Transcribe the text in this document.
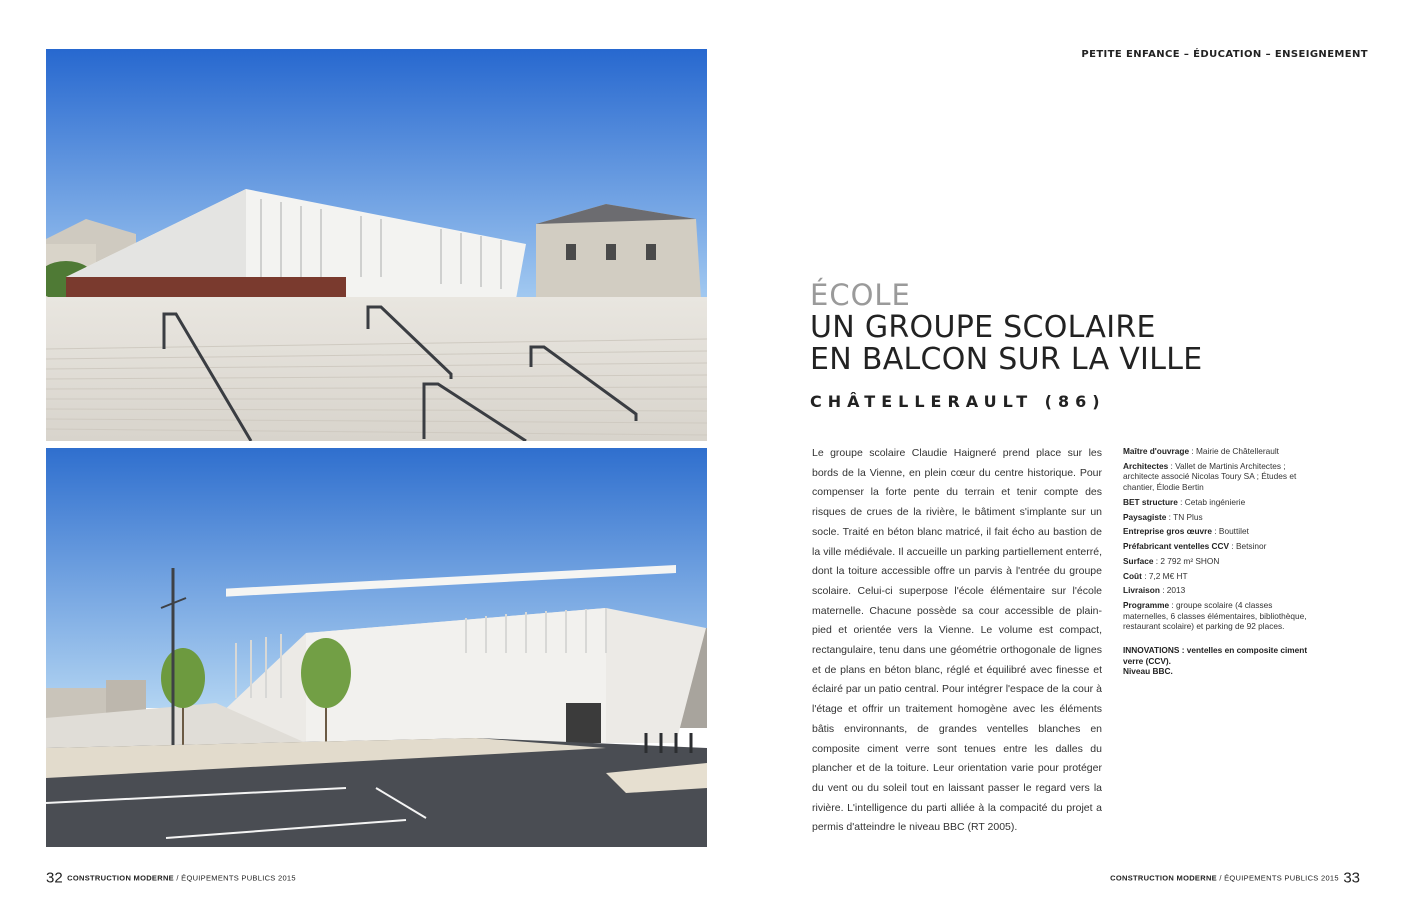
PETITE ENFANCE – ÉDUCATION – ENSEIGNEMENT
ÉCOLE
UN GROUPE SCOLAIRE
EN BALCON SUR LA VILLE
CHÂTELLERAULT (86)

Le groupe scolaire Claudie Haigneré prend place sur les bords de la Vienne, en plein cœur du centre historique. Pour compenser la forte pente du terrain et tenir compte des risques de crues de la rivière, le bâtiment s'implante sur un socle. Traité en béton blanc matricé, il fait écho au bastion de la ville médiévale. Il accueille un parking partiellement enterré, dont la toiture accessible offre un parvis à l'entrée du groupe scolaire. Celui-ci superpose l'école élémentaire sur l'école maternelle. Chacune possède sa cour accessible de plain-pied et orientée vers la Vienne. Le volume est compact, rectangulaire, tenu dans une géométrie orthogonale de lignes et de plans en béton blanc, réglé et équilibré avec finesse et éclairé par un patio central. Pour intégrer l'espace de la cour à l'étage et offrir un traitement homogène avec les éléments bâtis environnants, de grandes ventelles blanches en composite ciment verre sont tenues entre les dalles du plancher et de la toiture. Leur orientation varie pour protéger du vent ou du soleil tout en laissant passer le regard vers la rivière. L'intelligence du parti alliée à la compacité du projet a permis d'atteindre le niveau BBC (RT 2005).

Maître d'ouvrage : Mairie de Châtellerault
Architectes : Vallet de Martinis Architectes ; architecte associé Nicolas Toury SA ; Études et chantier, Élodie Bertin
BET structure : Cetab ingénierie
Paysagiste : TN Plus
Entreprise gros œuvre : Bouttilet
Préfabricant ventelles CCV : Betsinor
Surface : 2 792 m² SHON
Coût : 7,2 M€ HT
Livraison : 2013
Programme : groupe scolaire (4 classes maternelles, 6 classes élémentaires, bibliothèque, restaurant scolaire) et parking de 92 places.
INNOVATIONS : ventelles en composite ciment verre (CCV).
Niveau BBC.
32 CONSTRUCTION MODERNE / ÉQUIPEMENTS PUBLICS 2015	CONSTRUCTION MODERNE / ÉQUIPEMENTS PUBLICS 2015 33
